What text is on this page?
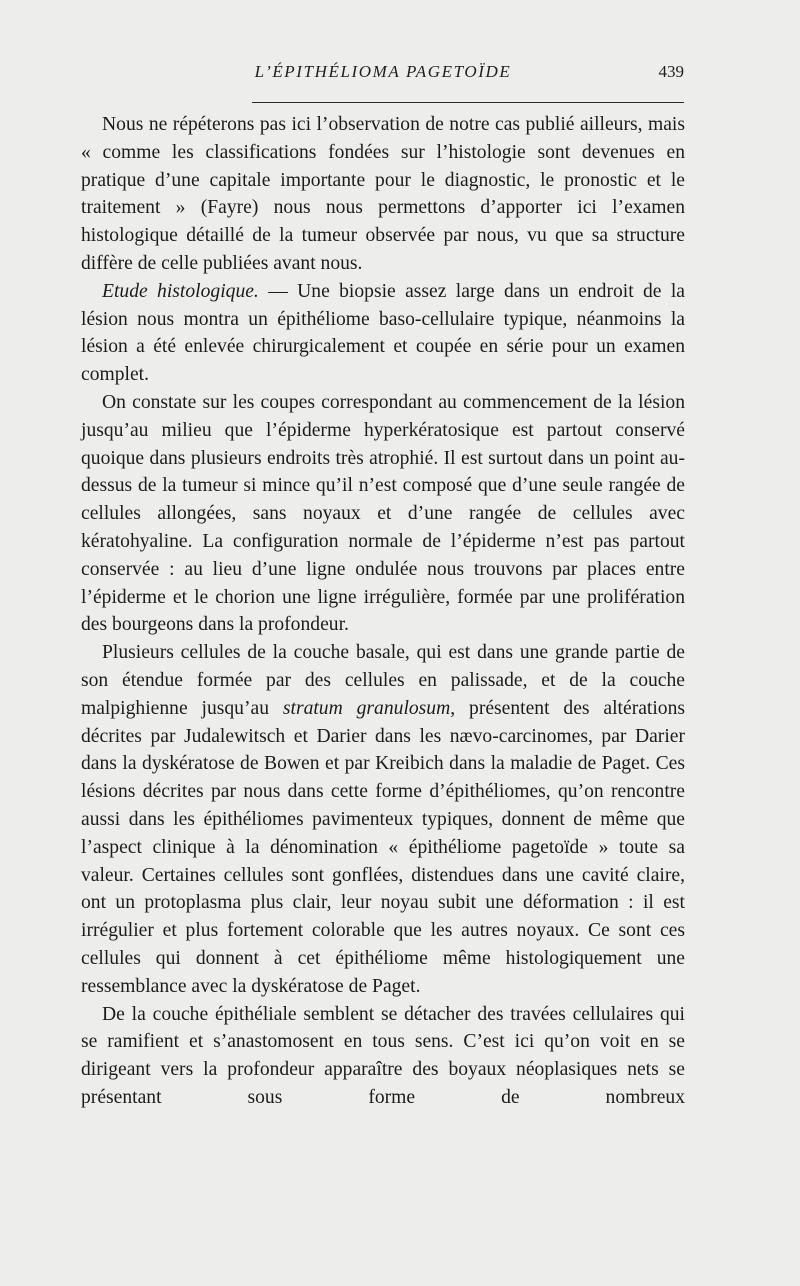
L’ÉPITHÉLIOMA PAGETOÏDE	439

Nous ne répéterons pas ici l’observation de notre cas publié ailleurs, mais « comme les classifications fondées sur l’histologie sont devenues en pratique d’une capitale importante pour le diagnostic, le pronostic et le traitement » (Fayre) nous nous permettons d’apporter ici l’examen histologique détaillé de la tumeur observée par nous, vu que sa structure diffère de celle publiées avant nous.

Etude histologique. — Une biopsie assez large dans un endroit de la lésion nous montra un épithéliome baso-cellulaire typique, néanmoins la lésion a été enlevée chirurgicalement et coupée en série pour un examen complet.

On constate sur les coupes correspondant au commencement de la lésion jusqu’au milieu que l’épiderme hyperkératosique est partout conservé quoique dans plusieurs endroits très atrophié. Il est surtout dans un point au-dessus de la tumeur si mince qu’il n’est composé que d’une seule rangée de cellules allongées, sans noyaux et d’une rangée de cellules avec kératohyaline. La configuration normale de l’épiderme n’est pas partout conservée : au lieu d’une ligne ondulée nous trouvons par places entre l’épiderme et le chorion une ligne irrégulière, formée par une prolifération des bourgeons dans la profondeur.

Plusieurs cellules de la couche basale, qui est dans une grande partie de son étendue formée par des cellules en palissade, et de la couche malpighienne jusqu’au stratum granulosum, présentent des altérations décrites par Judalewitsch et Darier dans les nævo-carcinomes, par Darier dans la dyskératose de Bowen et par Kreibich dans la maladie de Paget. Ces lésions décrites par nous dans cette forme d’épithéliomes, qu’on rencontre aussi dans les épithéliomes pavimenteux typiques, donnent de même que l’aspect clinique à la dénomination « épithéliome pagetoïde » toute sa valeur. Certaines cellules sont gonflées, distendues dans une cavité claire, ont un protoplasma plus clair, leur noyau subit une déformation : il est irrégulier et plus fortement colorable que les autres noyaux. Ce sont ces cellules qui donnent à cet épithéliome même histologiquement une ressemblance avec la dyskératose de Paget.

De la couche épithéliale semblent se détacher des travées cellulaires qui se ramifient et s’anastomosent en tous sens. C’est ici qu’on voit en se dirigeant vers la profondeur apparaître des boyaux néoplasiques nets se présentant sous forme de nombreux
